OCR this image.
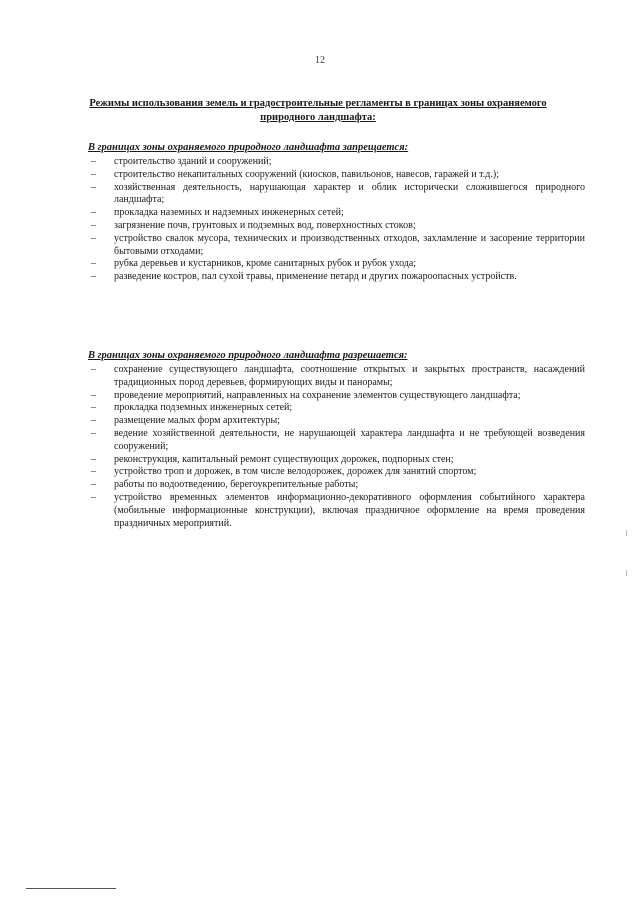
12
Режимы использования земель и градостроительные регламенты в границах зоны охраняемого природного ландшафта:

В границах зоны охраняемого природного ландшафта запрещается:

– строительство зданий и сооружений;
– строительство некапитальных сооружений (киосков, павильонов, навесов, гаражей и т.д.);
– хозяйственная деятельность, нарушающая характер и облик исторически сложившегося природного ландшафта;
– прокладка наземных и надземных инженерных сетей;
– загрязнение почв, грунтовых и подземных вод, поверхностных стоков;
– устройство свалок мусора, технических и производственных отходов, захламление и засорение территории бытовыми отходами;
– рубка деревьев и кустарников, кроме санитарных рубок и рубок ухода;
– разведение костров, пал сухой травы, применение петард и других пожароопасных устройств.

В границах зоны охраняемого природного ландшафта разрешается:

– сохранение существующего ландшафта, соотношение открытых и закрытых пространств, насаждений традиционных пород деревьев, формирующих виды и панорамы;
– проведение мероприятий, направленных на сохранение элементов существующего ландшафта;
– прокладка подземных инженерных сетей;
– размещение малых форм архитектуры;
– ведение хозяйственной деятельности, не нарушающей характера ландшафта и не требующей возведения сооружений;
– реконструкция, капитальный ремонт существующих дорожек, подпорных стен;
– устройство троп и дорожек, в том числе велодорожек, дорожек для занятий спортом;
– работы по водоотведению, берегоукрепительные работы;
– устройство временных элементов информационно-декоративного оформления событийного характера (мобильные информационные конструкции), включая праздничное оформление на время проведения праздничных мероприятий.
